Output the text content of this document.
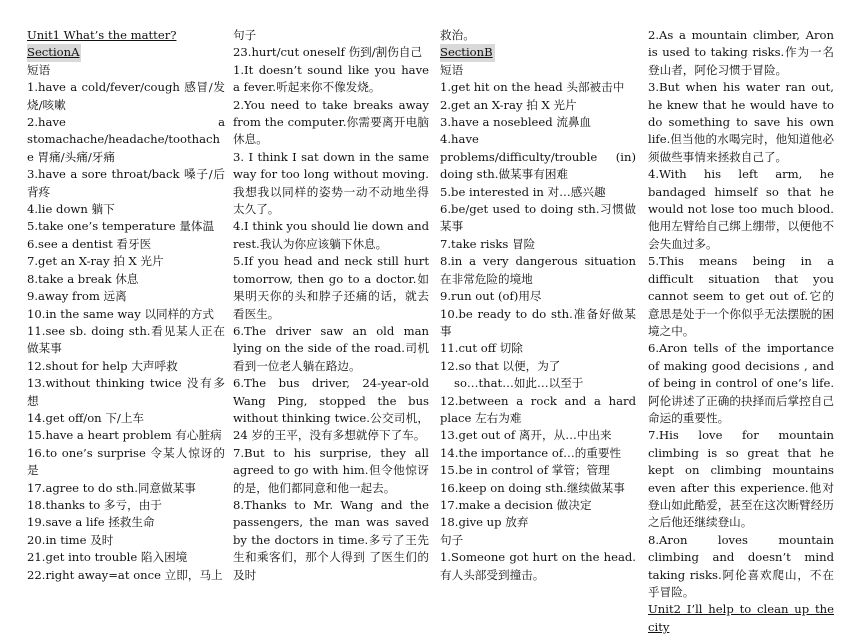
Unit1 What’s the matter?

SectionA

短语

1.have a cold/fever/cough 感冒/发烧/咳嗽

2.have a stomachache/headache/toothache 胃痛/头痛/牙痛

3.have a sore throat/back 嗓子/后背疼

4.lie down 躺下

5.take one’s temperature 量体温

6.see a dentist 看牙医

7.get an X-ray 拍 X 光片

8.take a break 休息

9.away from 远离

10.in the same way 以同样的方式

11.see sb. doing sth.看见某人正在做某事

12.shout for help 大声呼救

13.without thinking twice 没有多想

14.get off/on 下/上车

15.have a heart problem 有心脏病

16.to one’s surprise 令某人惊讶的是

17.agree to do sth.同意做某事

18.thanks to 多亏，由于

19.save a life 拯救生命

20.in time 及时

21.get into trouble 陷入困境

22.right away=at once 立即，马上

句子

23.hurt/cut oneself 伤到/割伤自己

1.It doesn’t sound like you have a fever.听起来你不像发烧。

2.You need to take breaks away from the computer.你需要离开电脑休息。

3. I think I sat down in the same way for too long without moving.我想我以同样的姿势一动不动地坐得太久了。

4.I think you should lie down and rest.我认为你应该躺下休息。

5.If you head and neck still hurt tomorrow, then go to a doctor.如果明天你的头和脖子还痛的话，就去看医生。

6.The driver saw an old man lying on the side of the road.司机看到一位老人躺在路边。

6.The bus driver, 24-year-old Wang Ping, stopped the bus without thinking twice.公交司机，24 岁的王平，没有多想就停下了车。

7.But to his surprise, they all agreed to go with him.但令他惊讶的是，他们都同意和他一起去。

8.Thanks to Mr. Wang and the passengers, the man was saved by the doctors in time.多亏了王先生和乘客们，那个人得到 了医生们的及时

救治。

SectionB

短语

1.get hit on the head 头部被击中

2.get an X-ray 拍 X 光片

3.have a nosebleed 流鼻血

4.have problems/difficulty/trouble (in) doing sth.做某事有困难

5.be interested in 对…感兴趣

6.be/get used to doing sth.习惯做某事

7.take risks 冒险

8.in a very dangerous situation 在非常危险的境地

9.run out (of)用尽

10.be ready to do sth.准备好做某事

11.cut off 切除

12.so that 以便，为了

so…that…如此…以至于

12.between a rock and a hard place 左右为难

13.get out of 离开，从…中出来

14.the importance of…的重要性

15.be in control of 掌管；管理

16.keep on doing sth.继续做某事

17.make a decision 做决定

18.give up 放弃

句子

1.Someone got hurt on the head.有人头部受到撞击。

2.As a mountain climber, Aron is used to taking risks.作为一名登山者，阿伦习惯于冒险。

3.But when his water ran out, he knew that he would have to do something to save his own life.但当他的水喝完时，他知道他必须做些事情来拯救自己了。

4.With his left arm, he bandaged himself so that he would not lose too much blood.他用左臂给自己绑上绷带，以便他不会失血过多。

5.This means being in a difficult situation that you cannot seem to get out of.它的意思是处于一个你似乎无法摆脱的困境之中。

6.Aron tells of the importance of making good decisions , and of being in control of one’s life.阿伦讲述了正确的抉择而后掌控自己命运的重要性。

7.His love for mountain climbing is so great that he kept on climbing mountains even after this experience.他对登山如此酷爱，甚至在这次断臂经历之后他还继续登山。

8.Aron loves mountain climbing and doesn’t mind taking risks.阿伦喜欢爬山，不在乎冒险。

Unit2 I’ll help to clean up the city
